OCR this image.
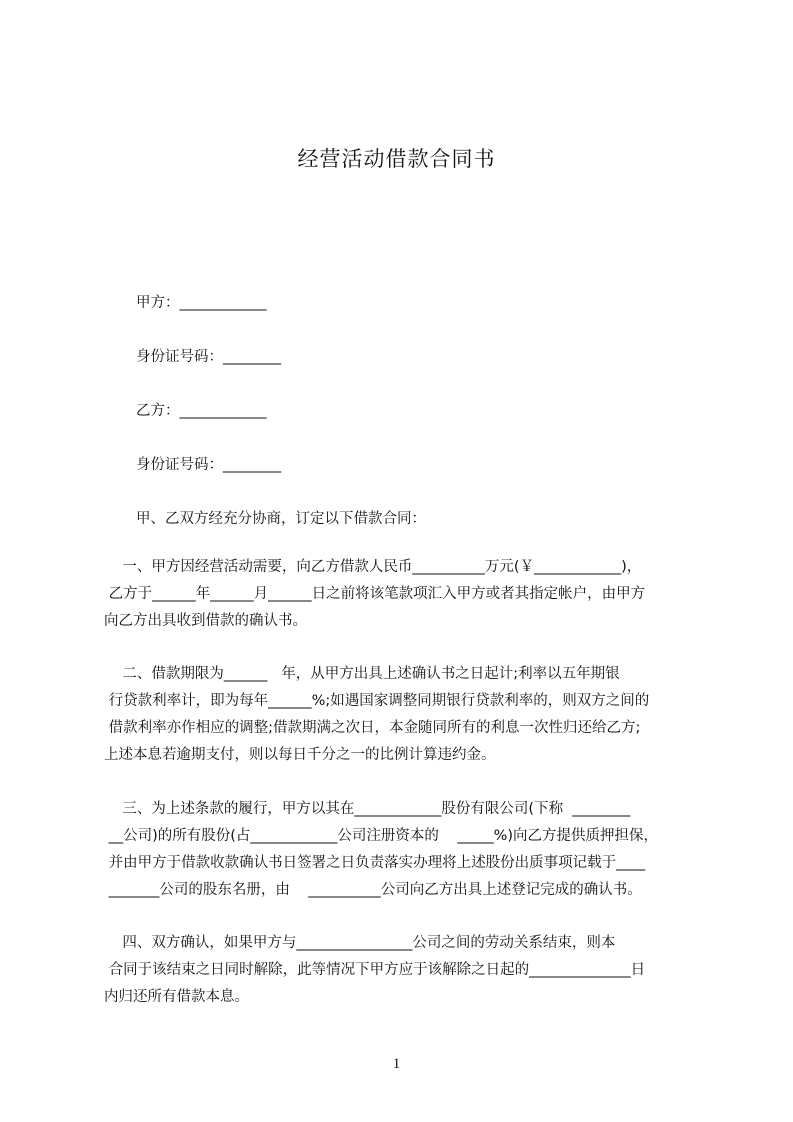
经营活动借款合同书
甲方：____________
身份证号码：________
乙方：____________
身份证号码：________
甲、乙双方经充分协商，订定以下借款合同：
一、甲方因经营活动需要，向乙方借款人民币__________万元(￥____________)，
乙方于______年______月______日之前将该笔款项汇入甲方或者其指定帐户，由甲方
向乙方出具收到借款的确认书。
二、借款期限为______   年，从甲方出具上述确认书之日起计;利率以五年期银
行贷款利率计，即为每年______%;如遇国家调整同期银行贷款利率的，则双方之间的
借款利率亦作相应的调整;借款期满之次日，本金随同所有的利息一次性归还给乙方;
上述本息若逾期支付，则以每日千分之一的比例计算违约金。
三、为上述条款的履行，甲方以其在____________股份有限公司(下称  ________
__公司)的所有股份(占____________公司注册资本的    _____%)向乙方提供质押担保，
并由甲方于借款收款确认书日签署之日负责落实办理将上述股份出质事项记载于____
_______公司的股东名册，由    __________公司向乙方出具上述登记完成的确认书。
四、双方确认，如果甲方与________________公司之间的劳动关系结束，则本
合同于该结束之日同时解除，此等情况下甲方应于该解除之日起的______________日
内归还所有借款本息。
1
